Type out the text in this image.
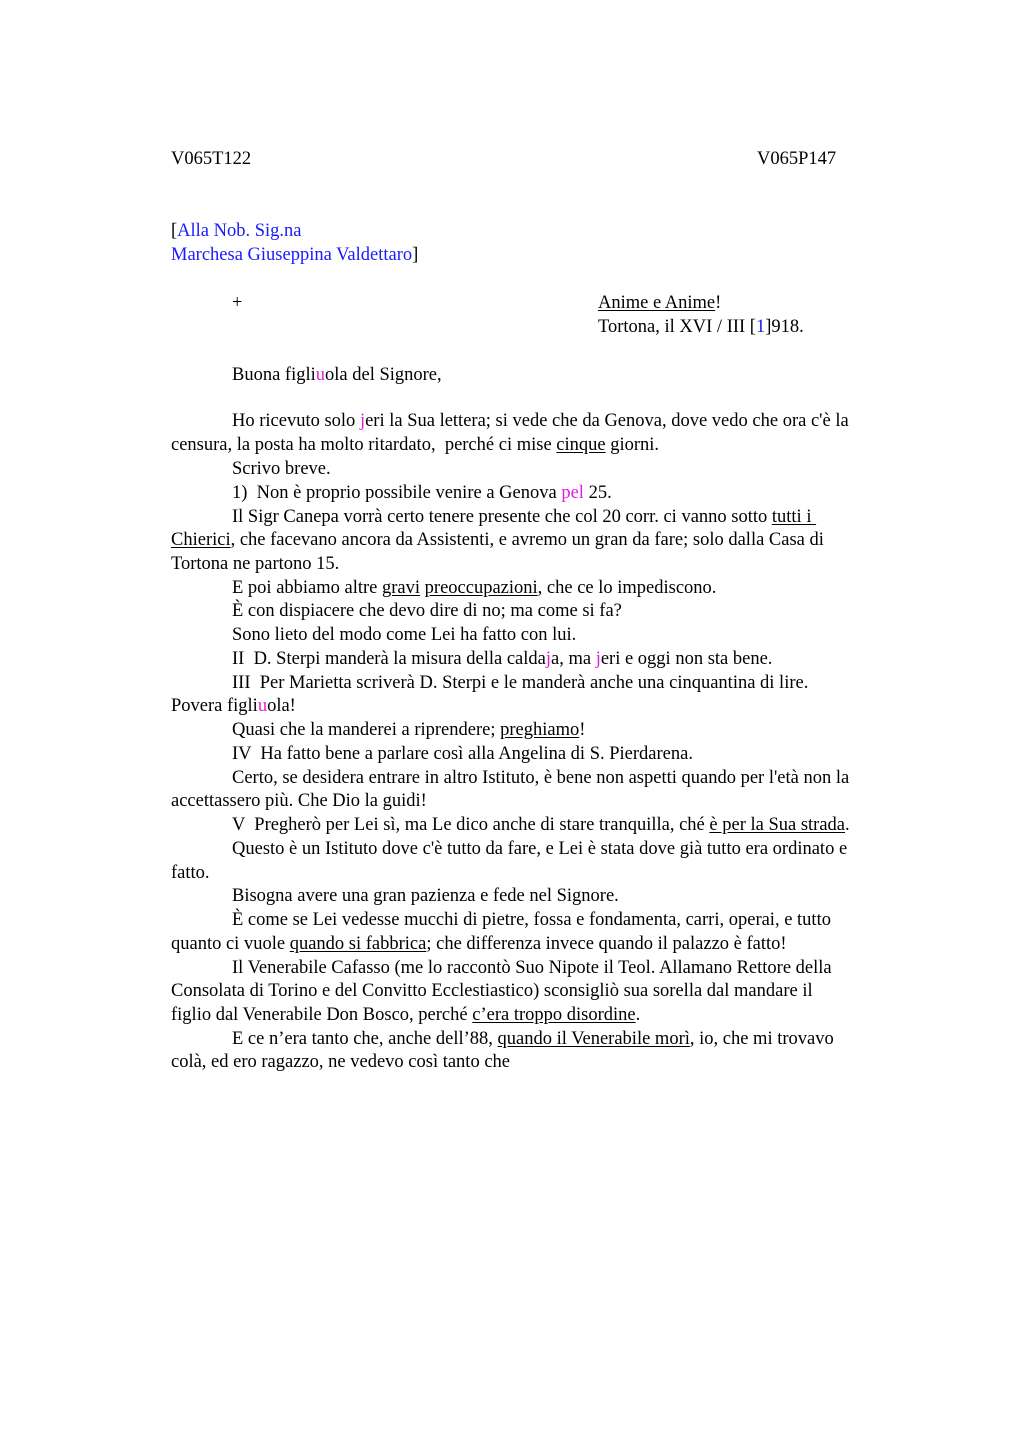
V065T122	V065P147
[Alla Nob. Sig.na
Marchesa Giuseppina Valdettaro]
+	Anime e Anime!
Tortona, il XVI / III [1]918.
Buona figliuola del Signore,
Ho ricevuto solo jeri la Sua lettera; si vede che da Genova, dove vedo che ora c'è la
censura, la posta ha molto ritardato,  perché ci mise cinque giorni.
Scrivo breve.
1)  Non è proprio possibile venire a Genova pel 25.
Il Sigr Canepa vorrà certo tenere presente che col 20 corr. ci vanno sotto tutti i
Chierici, che facevano ancora da Assistenti, e avremo un gran da fare; solo dalla Casa di
Tortona ne partono 15.
E poi abbiamo altre gravi preoccupazioni, che ce lo impediscono.
È con dispiacere che devo dire di no; ma come si fa?
Sono lieto del modo come Lei ha fatto con lui.
II  D. Sterpi manderà la misura della caldaja, ma jeri e oggi non sta bene.
III  Per Marietta scriverà D. Sterpi e le manderà anche una cinquantina di lire.
Povera figliuola!
Quasi che la manderei a riprendere; preghiamo!
IV  Ha fatto bene a parlare così alla Angelina di S. Pierdarena.
Certo, se desidera entrare in altro Istituto, è bene non aspetti quando per l'età non la
accettassero più. Che Dio la guidi!
V  Pregherò per Lei sì, ma Le dico anche di stare tranquilla, ché è per la Sua strada.
Questo è un Istituto dove c'è tutto da fare, e Lei è stata dove già tutto era ordinato e
fatto.
Bisogna avere una gran pazienza e fede nel Signore.
È come se Lei vedesse mucchi di pietre, fossa e fondamenta, carri, operai, e tutto
quanto ci vuole quando si fabbrica; che differenza invece quando il palazzo è fatto!
Il Venerabile Cafasso (me lo raccontò Suo Nipote il Teol. Allamano Rettore della
Consolata di Torino e del Convitto Ecclestiastico) sconsigliò sua sorella dal mandare il
figlio dal Venerabile Don Bosco, perché c’era troppo disordine.
E ce n’era tanto che, anche dell’88, quando il Venerabile morì, io, che mi trovavo
colà, ed ero ragazzo, ne vedevo così tanto che
